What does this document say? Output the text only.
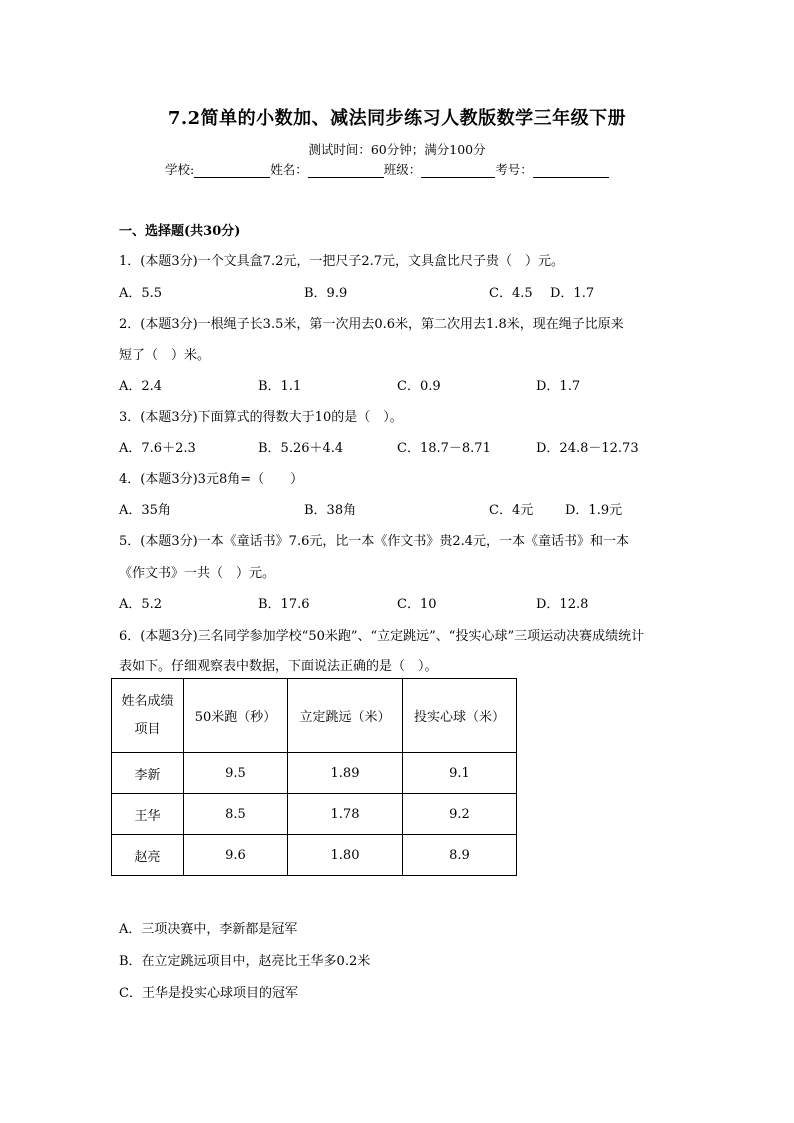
7.2简单的小数加、减法同步练习人教版数学三年级下册
测试时间：60分钟；满分100分
学校:	姓名：	班级：	考号：
一、选择题(共30分)
1．(本题3分)一个文具盒7.2元，一把尺子2.7元，文具盒比尺子贵（　）元。
A．5.5	B．9.9	C．4.5 D．1.7
2．(本题3分)一根绳子长3.5米，第一次用去0.6米，第二次用去1.8米，现在绳子比原来
短了（　）米。
A．2.4	B．1.1	C．0.9	D．1.7
3．(本题3分)下面算式的得数大于10的是（　）。
A．7.6＋2.3	B．5.26＋4.4	C．18.7－8.71	D．24.8－12.73
4．(本题3分)3元8角=（　　）
A．35角	B．38角	C．4元 D．1.9元
5．(本题3分)一本《童话书》7.6元，比一本《作文书》贵2.4元，一本《童话书》和一本
《作文书》一共（　）元。
A．5.2	B．17.6	C．10	D．12.8
6．(本题3分)三名同学参加学校“50米跑”、“立定跳远”、“投实心球”三项运动决赛成绩统计
表如下。仔细观察表中数据，下面说法正确的是（　）。
姓名成绩
项目	50米跑（秒）	立定跳远（米）	投实心球（米）
李新	9.5	1.89	9.1
王华	8.5	1.78	9.2
赵亮	9.6	1.80	8.9
A．三项决赛中，李新都是冠军
B．在立定跳远项目中，赵亮比王华多0.2米
C．王华是投实心球项目的冠军
